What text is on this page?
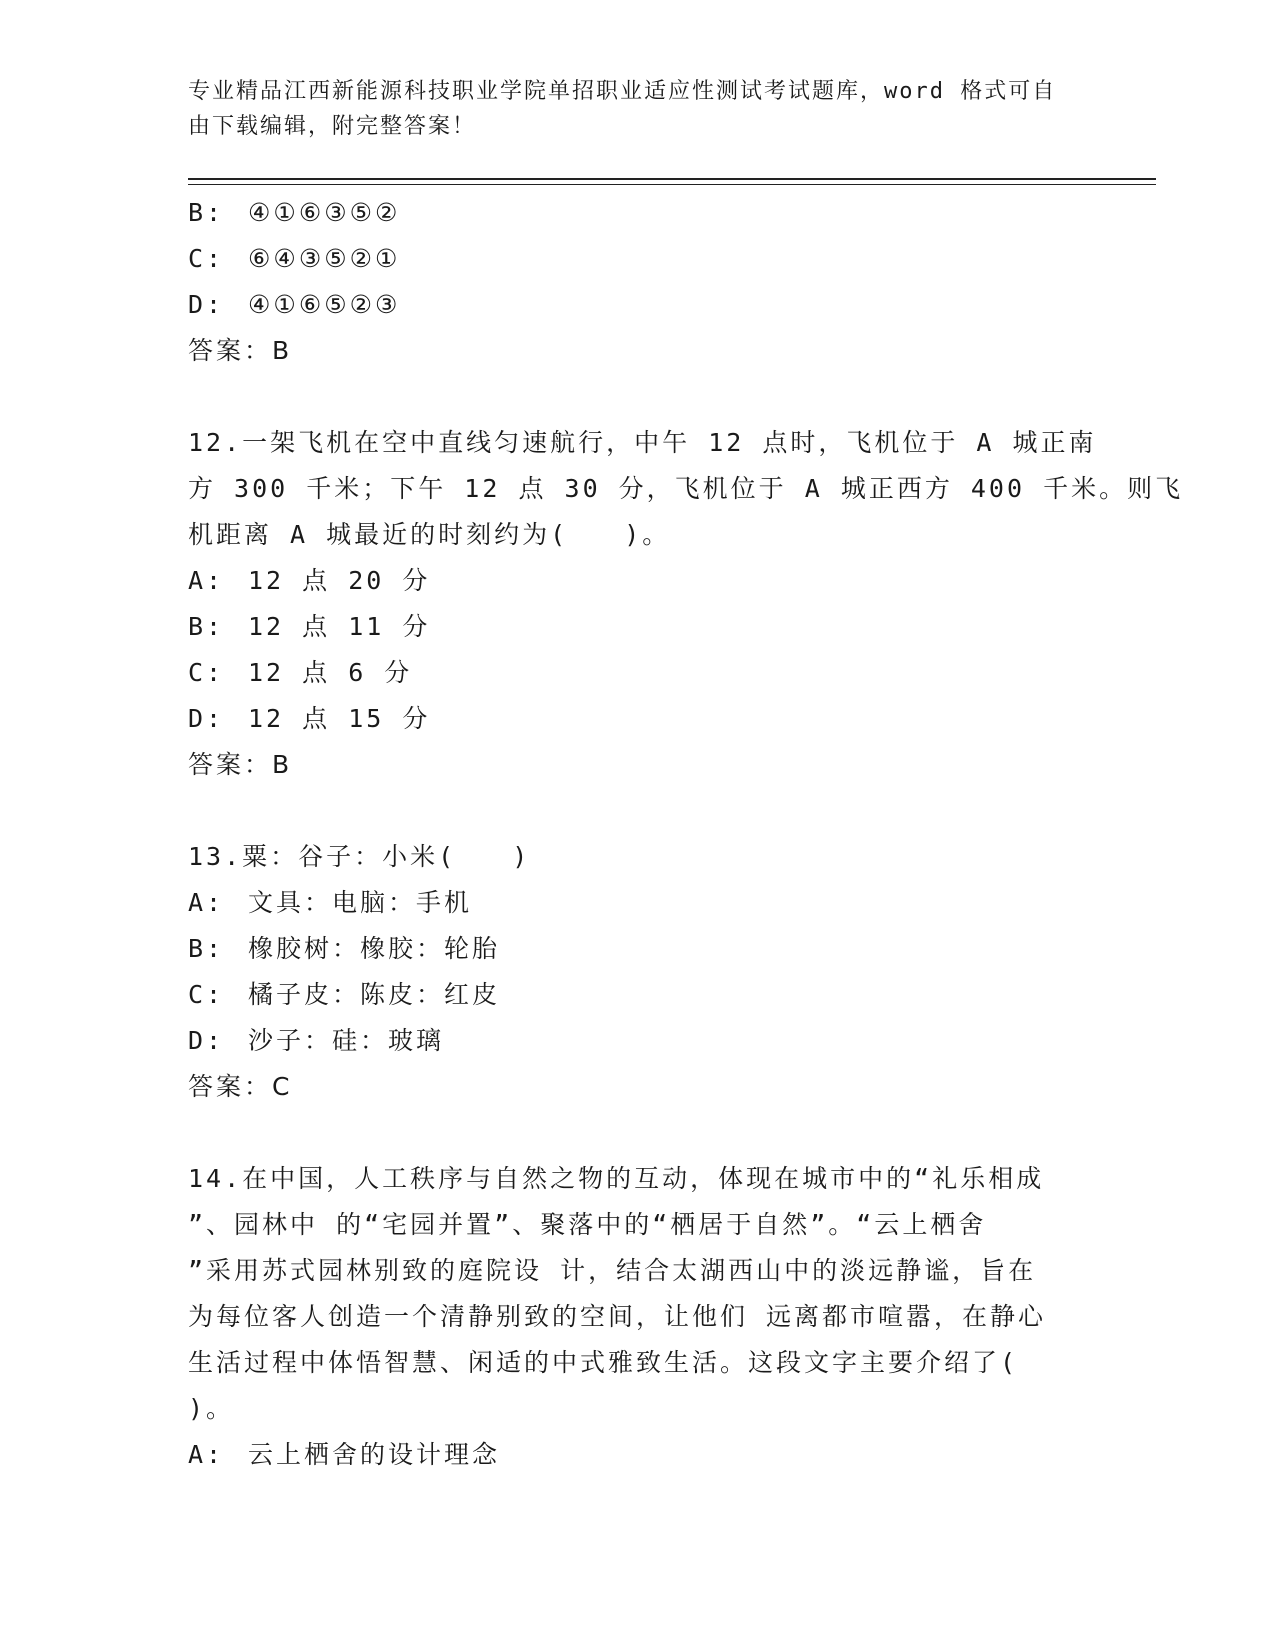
专业精品江西新能源科技职业学院单招职业适应性测试考试题库，word 格式可自
由下载编辑，附完整答案！
B: ④①⑥③⑤②
C: ⑥④③⑤②①
D: ④①⑥⑤②③
答案：B
12.一架飞机在空中直线匀速航行，中午 12 点时，飞机位于 A 城正南
方 300 千米；下午 12 点 30 分，飞机位于 A 城正西方 400 千米。则飞
机距离 A 城最近的时刻约为(　　)。
A: 12 点 20 分
B: 12 点 11 分
C: 12 点 6 分
D: 12 点 15 分
答案：B
13.粟：谷子：小米(　　)
A: 文具：电脑：手机
B: 橡胶树：橡胶：轮胎
C: 橘子皮：陈皮：红皮
D: 沙子：硅：玻璃
答案：C
14.在中国，人工秩序与自然之物的互动，体现在城市中的“礼乐相成
”、园林中 的“宅园并置”、聚落中的“栖居于自然”。“云上栖舍
”采用苏式园林别致的庭院设 计，结合太湖西山中的淡远静谧，旨在
为每位客人创造一个清静别致的空间，让他们 远离都市喧嚣，在静心
生活过程中体悟智慧、闲适的中式雅致生活。这段文字主要介绍了(
)。
A: 云上栖舍的设计理念
